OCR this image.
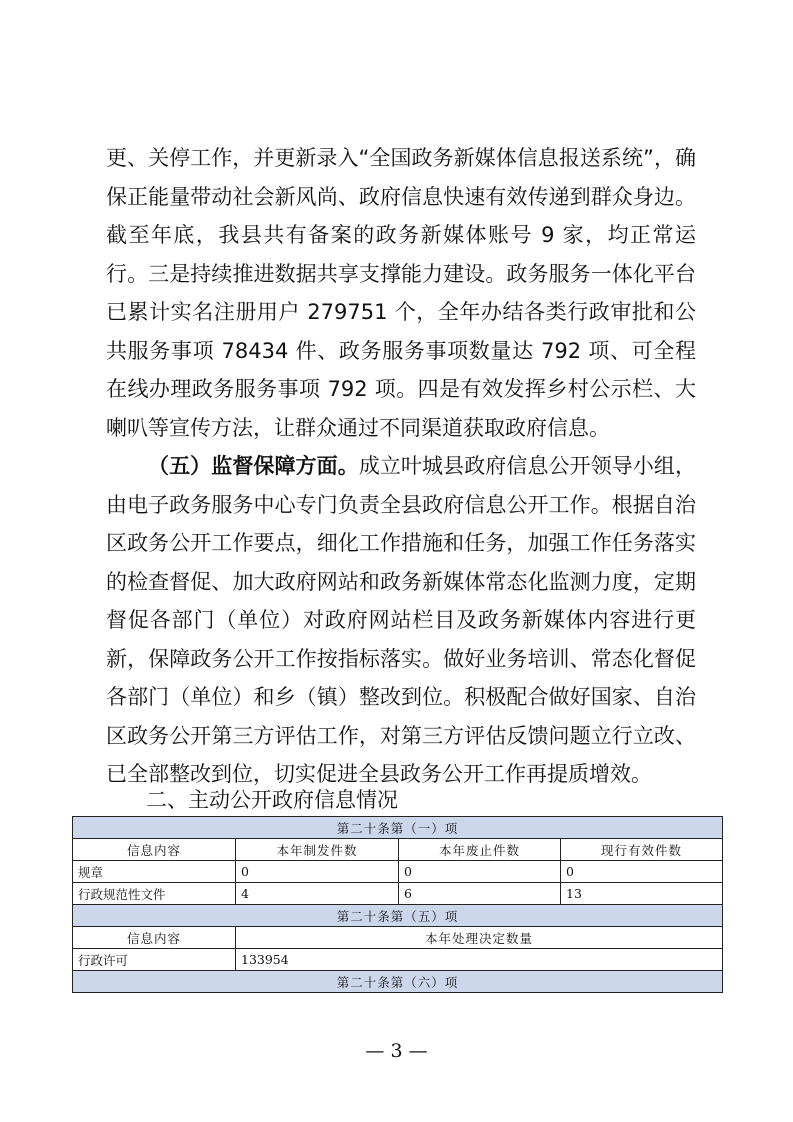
更、关停工作，并更新录入“全国政务新媒体信息报送系统”，确保正能量带动社会新风尚、政府信息快速有效传递到群众身边。截至年底，我县共有备案的政务新媒体账号 9 家，均正常运行。三是持续推进数据共享支撑能力建设。政务服务一体化平台已累计实名注册用户 279751 个，全年办结各类行政审批和公共服务事项 78434 件、政务服务事项数量达 792 项、可全程在线办理政务服务事项 792 项。四是有效发挥乡村公示栏、大喇叭等宣传方法，让群众通过不同渠道获取政府信息。

（五）监督保障方面。成立叶城县政府信息公开领导小组，由电子政务服务中心专门负责全县政府信息公开工作。根据自治区政务公开工作要点，细化工作措施和任务，加强工作任务落实的检查督促、加大政府网站和政务新媒体常态化监测力度，定期督促各部门（单位）对政府网站栏目及政务新媒体内容进行更新，保障政务公开工作按指标落实。做好业务培训、常态化督促各部门（单位）和乡（镇）整改到位。积极配合做好国家、自治区政务公开第三方评估工作，对第三方评估反馈问题立行立改、已全部整改到位，切实促进全县政务公开工作再提质增效。

二、主动公开政府信息情况

第二十条第（一）项			
信息内容	本年制发件数	本年废止件数	现行有效件数
规章	0	0	0
行政规范性文件	4	6	13
第二十条第（五）项			
信息内容	本年处理决定数量		
行政许可	133954		
第二十条第（六）项			
— 3 —
